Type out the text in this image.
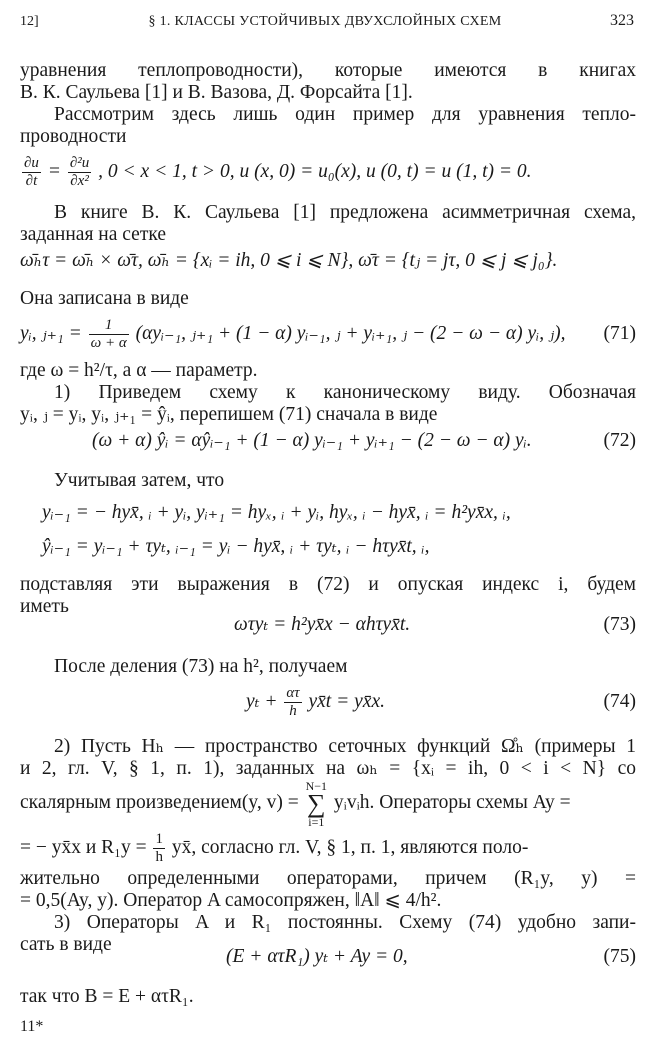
12]	§ 1. КЛАССЫ УСТОЙЧИВЫХ ДВУХСЛОЙНЫХ СХЕМ	323
уравнения теплопроводности), которые имеются в книгах
В. К. Саульева [1] и В. Вазова, Д. Форсайта [1].
Рассмотрим здесь лишь один пример для уравнения тепло-
проводности
$\frac{\partial u}{\partial t} = \frac{\text{∂²u}}{\text{∂x²}}$ , 0 < x < 1, t > 0, u (x, 0) = u₀(x), u (0, t) = u (1, t) = 0.
В книге В. К. Саульева [1] предложена асимметричная схема,
заданная на сетке
ω̄ₕτ = ω̄ₕ × ω̄τ, ω̄ₕ = {xᵢ = ih, 0 ⩽ i ⩽ N}, ω̄τ = {tⱼ = jτ, 0 ⩽ j ⩽ j₀}.
Она записана в виде
yᵢ, ⱼ₊₁ = $\frac{1}{\omega + \alpha}$ (αyᵢ₋₁, ⱼ₊₁ + (1 − α) yᵢ₋₁, ⱼ + yᵢ₊₁, ⱼ − (2 − ω − α) yᵢ, ⱼ), (71)
где ω = h²/τ, а α — параметр.
1) Приведем схему к каноническому виду. Обозначая
yᵢ, ⱼ = yᵢ, yᵢ, ⱼ₊₁ = ŷᵢ, перепишем (71) сначала в виде
(ω + α) ŷᵢ = αŷᵢ₋₁ + (1 − α) yᵢ₋₁ + yᵢ₊₁ − (2 − ω − α) yᵢ.	(72)
Учитывая затем, что
yᵢ₋₁ = − hyx̄, ᵢ + yᵢ, yᵢ₊₁ = hyₓ, ᵢ + yᵢ, hyₓ, ᵢ − hyx̄, ᵢ = h²yx̄x, ᵢ,
ŷᵢ₋₁ = yᵢ₋₁ + τyₜ, ᵢ₋₁ = yᵢ − hyx̄, ᵢ + τyₜ, ᵢ − hτyx̄t, ᵢ,
подставляя эти выражения в (72) и опуская индекс i, будем
иметь
ωτyₜ = h²yx̄x − αhτyx̄t.	(73)
После деления (73) на h², получаем
$y_t + \frac{\alpha\tau}{h}$ yx̄t = yx̄x.	(74)
2) Пусть Hₕ — пространство сеточных функций Ω̊ₕ (примеры 1
и 2, гл. V, § 1, п. 1), заданных на ωₕ = {xᵢ = ih, 0 < i < N} со
скалярным произведением(y, v) = N−1
∑
i=1 yᵢvᵢh. Операторы схемы Ay =
= − yx̄x и $R_1y = \frac{1}{h}$ yx̄, согласно гл. V, § 1, п. 1, являются поло-
жительно определенными операторами, причем (R₁y, y) =
= 0,5(Ay, y). Оператор A самосопряжен, ‖A‖ ⩽ 4/h².
3) Операторы A и R₁ постоянны. Схему (74) удобно запи-
сать в виде
(E + ατR₁) yₜ + Ay = 0,	(75)
так что B = E + ατR₁.
11*
